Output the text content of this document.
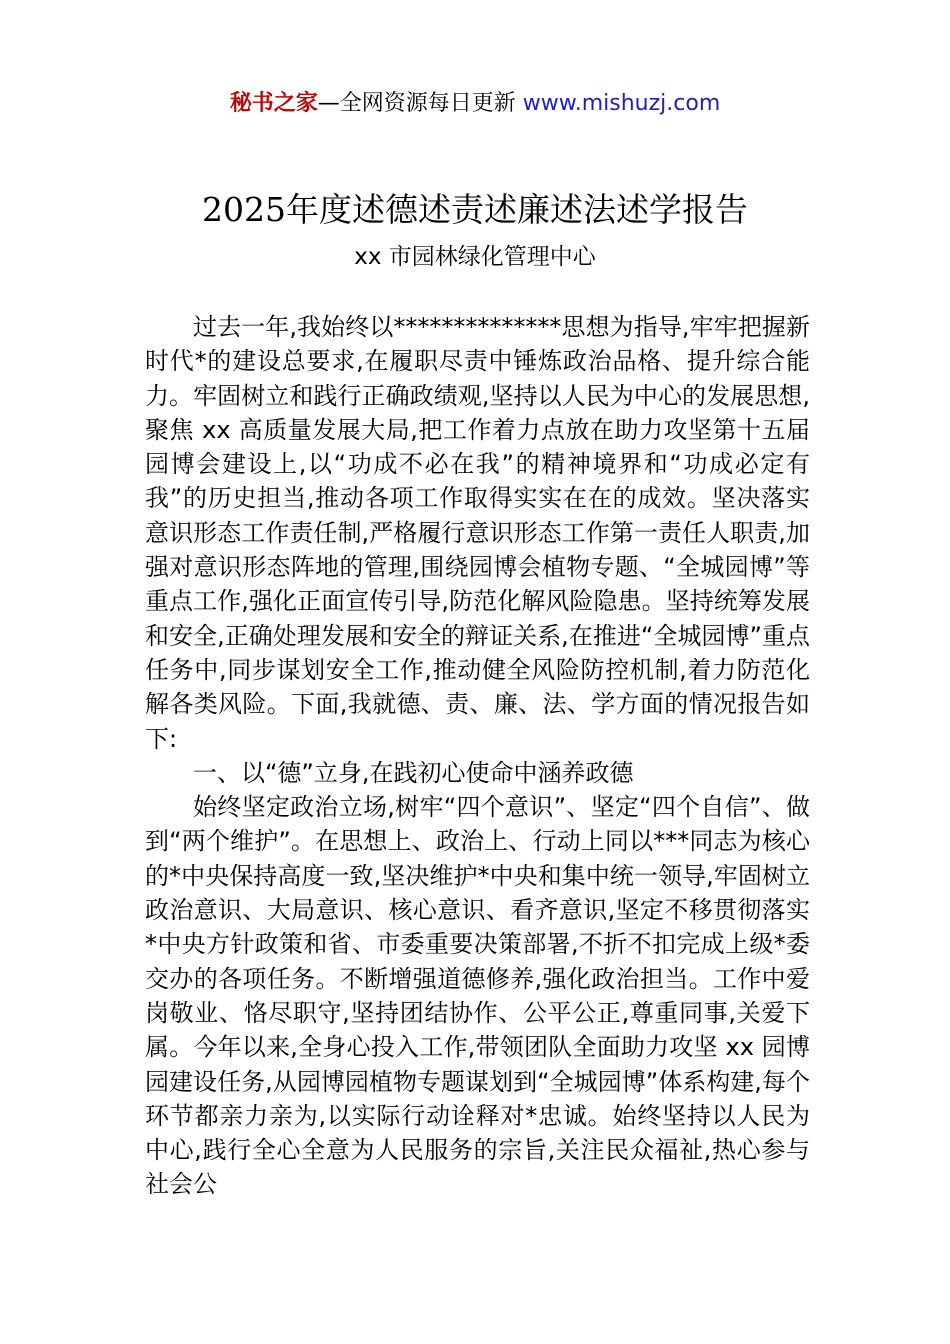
秘书之家—全网资源每日更新 www.mishuzj.com
2025年度述德述责述廉述法述学报告
xx 市园林绿化管理中心

过去一年,我始终以**************思想为指导,牢牢把握新时代*的建设总要求,在履职尽责中锤炼政治品格、提升综合能力。牢固树立和践行正确政绩观,坚持以人民为中心的发展思想,聚焦 xx 高质量发展大局,把工作着力点放在助力攻坚第十五届园博会建设上,以“功成不必在我”的精神境界和“功成必定有我”的历史担当,推动各项工作取得实实在在的成效。坚决落实意识形态工作责任制,严格履行意识形态工作第一责任人职责,加强对意识形态阵地的管理,围绕园博会植物专题、“全城园博”等重点工作,强化正面宣传引导,防范化解风险隐患。坚持统筹发展和安全,正确处理发展和安全的辩证关系,在推进“全城园博”重点任务中,同步谋划安全工作,推动健全风险防控机制,着力防范化解各类风险。下面,我就德、责、廉、法、学方面的情况报告如下:

一、以“德”立身,在践初心使命中涵养政德

始终坚定政治立场,树牢“四个意识”、坚定“四个自信”、做到“两个维护”。在思想上、政治上、行动上同以***同志为核心的*中央保持高度一致,坚决维护*中央和集中统一领导,牢固树立政治意识、大局意识、核心意识、看齐意识,坚定不移贯彻落实*中央方针政策和省、市委重要决策部署,不折不扣完成上级*委交办的各项任务。不断增强道德修养,强化政治担当。工作中爱岗敬业、恪尽职守,坚持团结协作、公平公正,尊重同事,关爱下属。今年以来,全身心投入工作,带领团队全面助力攻坚 xx 园博园建设任务,从园博园植物专题谋划到“全城园博”体系构建,每个环节都亲力亲为,以实际行动诠释对*忠诚。始终坚持以人民为中心,践行全心全意为人民服务的宗旨,关注民众福祉,热心参与社会公
